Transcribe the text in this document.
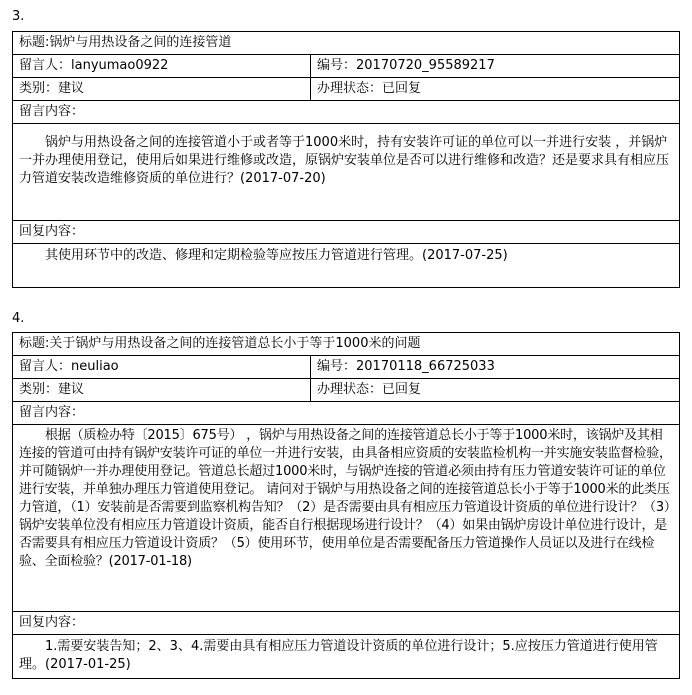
3.
标题:锅炉与用热设备之间的连接管道	
留言人：lanyumao0922	编号：20170720_95589217
类别：建议	办理状态：已回复
留言内容：	
锅炉与用热设备之间的连接管道小于或者等于1000米时，持有安装许可证的单位可以一并进行安装 ，并锅炉一并办理使用登记，使用后如果进行维修或改造，原锅炉安装单位是否可以进行维修和改造？还是要求具有相应压力管道安装改造维修资质的单位进行？(2017-07-20)	
回复内容：	
其使用环节中的改造、修理和定期检验等应按压力管道进行管理。(2017-07-25)	
4.
标题:关于锅炉与用热设备之间的连接管道总长小于等于1000米的问题	
留言人：neuliao	编号：20170118_66725033
类别：建议	办理状态：已回复
留言内容：	
根据（质检办特〔2015〕675号） ，锅炉与用热设备之间的连接管道总长小于等于1000米时，该锅炉及其相连接的管道可由持有锅炉安装许可证的单位一并进行安装，由具备相应资质的安装监检机构一并实施安装监督检验，并可随锅炉一并办理使用登记。管道总长超过1000米时，与锅炉连接的管道必须由持有压力管道安装许可证的单位进行安装，并单独办理压力管道使用登记。 请问对于锅炉与用热设备之间的连接管道总长小于等于1000米的此类压力管道，（1）安装前是否需要到监察机构告知？（2）是否需要由具有相应压力管道设计资质的单位进行设计？（3）锅炉安装单位没有相应压力管道设计资质，能否自行根据现场进行设计？（4）如果由锅炉房设计单位进行设计，是否需要具有相应压力管道设计资质？（5）使用环节，使用单位是否需要配备压力管道操作人员证以及进行在线检验、全面检验？(2017-01-18)	
回复内容：	
1.需要安装告知；2、3、4.需要由具有相应压力管道设计资质的单位进行设计；5.应按压力管道进行使用管理。(2017-01-25)	
